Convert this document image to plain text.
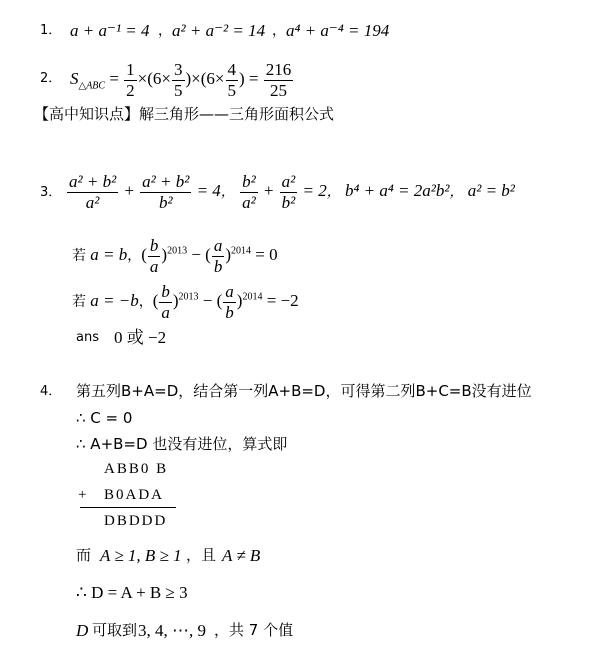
1． a + a⁻¹ = 4 ， a² + a⁻² = 14 ， a⁴ + a⁻⁴ = 194
2． $S_{\triangle ABC} = \frac{1}{2} \times(6\times \frac{3}{5} )\times(6\times \frac{4}{5}$ ) = $\frac{216}{25}$
【高中知识点】解三角形——三角形面积公式
3． $\frac{\text{a² + b²}}{\text{a²}} + \frac{\text{a² + b²}}{\text{b²}} = 4$， $\frac{\text{b²}}{\text{a²}} + \frac{\text{a²}}{\text{b²}} = 2$， b⁴ + a⁴ = 2a²b²， a² = b²
若 a = b，( $\frac{b}{a} )^{2013}$ − ( $\frac{a}{b} )^{2014} = 0$
若 a = −b，( $\frac{b}{a} )^{2013}$ − ( $\frac{a}{b} )^{2014} = -2$
ans 0 或 −2
4． 第五列B+A=D，结合第一列A+B=D，可得第二列B+C=B没有进位
∴ C = 0
∴ A+B=D 也没有进位，算式即
ABB0 B
+ B0ADA
DBDDD
而 A ≥ 1, B ≥ 1 ，且 A ≠ B
∴ D = A + B ≥ 3
D 可取到 3, 4, ⋯, 9 ，共 7 个值
